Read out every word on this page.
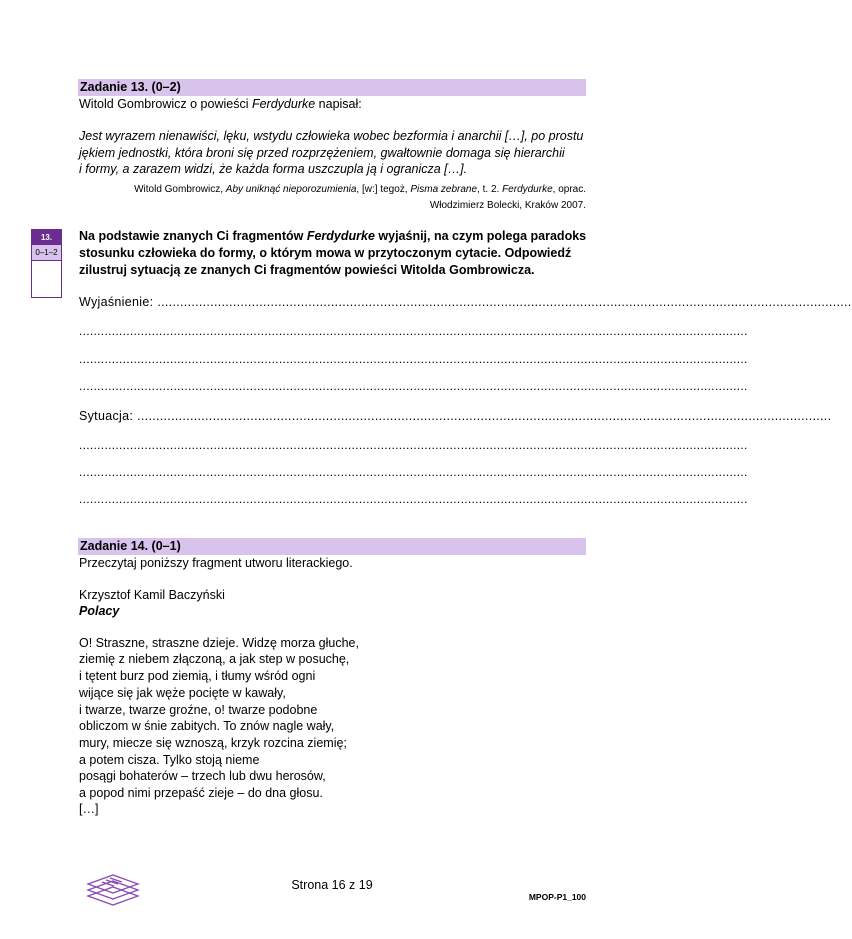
Zadanie 13. (0–2)
Witold Gombrowicz o powieści Ferdydurke napisał:
Jest wyrazem nienawiści, lęku, wstydu człowieka wobec bezformia i anarchii […], po prostu
jękiem jednostki, która broni się przed rozprzężeniem, gwałtownie domaga się hierarchii
i formy, a zarazem widzi, że każda forma uszczupla ją i ogranicza […].
Witold Gombrowicz, Aby uniknąć nieporozumienia, [w:] tegoż, Pisma zebrane, t. 2. Ferdydurke, oprac.
Włodzimierz Bolecki, Kraków 2007.
13.
0–1–2
Na podstawie znanych Ci fragmentów Ferdydurke wyjaśnij, na czym polega paradoks
stosunku człowieka do formy, o którym mowa w przytoczonym cytacie. Odpowiedź
zilustruj sytuacją ze znanych Ci fragmentów powieści Witolda Gombrowicza.
Wyjaśnienie: ........................................................................................................................................................................................
........................................................................................................................................................................................
........................................................................................................................................................................................
........................................................................................................................................................................................
Sytuacja: ........................................................................................................................................................................................
........................................................................................................................................................................................
........................................................................................................................................................................................
........................................................................................................................................................................................
Zadanie 14. (0–1)
Przeczytaj poniższy fragment utworu literackiego.
Krzysztof Kamil Baczyński
Polacy
O! Straszne, straszne dzieje. Widzę morza głuche,
ziemię z niebem złączoną, a jak step w posuchę,
i tętent burz pod ziemią, i tłumy wśród ogni
wijące się jak węże pocięte w kawały,
i twarze, twarze groźne, o! twarze podobne
obliczom w śnie zabitych. To znów nagle wały,
mury, miecze się wznoszą, krzyk rozcina ziemię;
a potem cisza. Tylko stoją nieme
posągi bohaterów – trzech lub dwu herosów,
a popod nimi przepaść zieje – do dna głosu.
[…]
Strona 16 z 19
MPOP-P1_100
